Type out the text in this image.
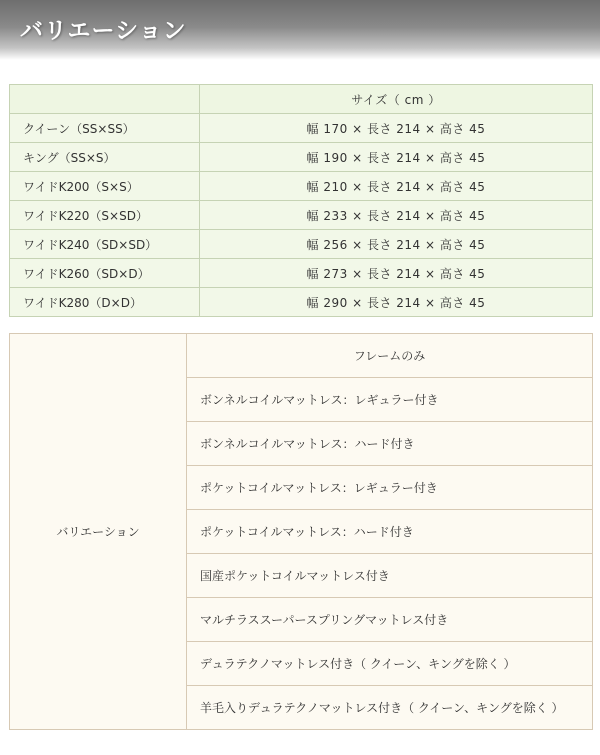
バリエーション
	サイズ（ cm ）
クイーン（SS×SS）	幅 170 × 長さ 214 × 高さ 45
キング（SS×S）	幅 190 × 長さ 214 × 高さ 45
ワイドK200（S×S）	幅 210 × 長さ 214 × 高さ 45
ワイドK220（S×SD）	幅 233 × 長さ 214 × 高さ 45
ワイドK240（SD×SD）	幅 256 × 長さ 214 × 高さ 45
ワイドK260（SD×D）	幅 273 × 長さ 214 × 高さ 45
ワイドK280（D×D）	幅 290 × 長さ 214 × 高さ 45
バリエーション	フレームのみ
ボンネルコイルマットレス：レギュラー付き
ボンネルコイルマットレス：ハード付き
ポケットコイルマットレス：レギュラー付き
ポケットコイルマットレス：ハード付き
国産ポケットコイルマットレス付き
マルチラススーパースプリングマットレス付き
デュラテクノマットレス付き（ クイーン、キングを除く ）
羊毛入りデュラテクノマットレス付き（ クイーン、キングを除く ）
